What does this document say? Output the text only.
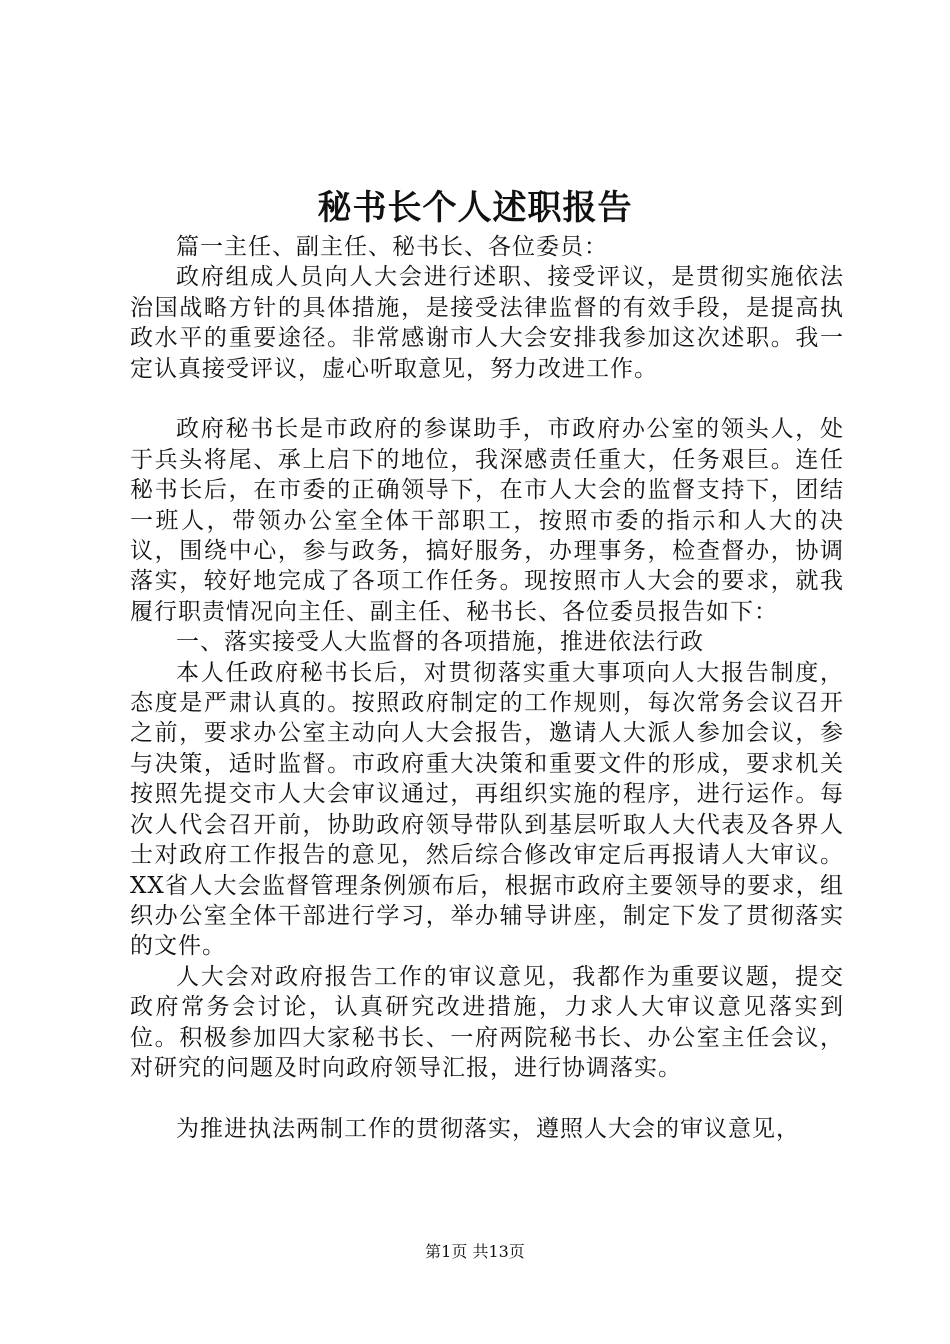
秘书长个人述职报告

篇一主任、副主任、秘书长、各位委员：

政府组成人员向人大会进行述职、接受评议，是贯彻实施依法治国战略方针的具体措施，是接受法律监督的有效手段，是提高执政水平的重要途径。非常感谢市人大会安排我参加这次述职。我一定认真接受评议，虚心听取意见，努力改进工作。

政府秘书长是市政府的参谋助手，市政府办公室的领头人，处于兵头将尾、承上启下的地位，我深感责任重大，任务艰巨。连任秘书长后，在市委的正确领导下，在市人大会的监督支持下，团结一班人，带领办公室全体干部职工，按照市委的指示和人大的决议，围绕中心，参与政务，搞好服务，办理事务，检查督办，协调落实，较好地完成了各项工作任务。现按照市人大会的要求，就我履行职责情况向主任、副主任、秘书长、各位委员报告如下：

一、落实接受人大监督的各项措施，推进依法行政

本人任政府秘书长后，对贯彻落实重大事项向人大报告制度，态度是严肃认真的。按照政府制定的工作规则，每次常务会议召开之前，要求办公室主动向人大会报告，邀请人大派人参加会议，参与决策，适时监督。市政府重大决策和重要文件的形成，要求机关按照先提交市人大会审议通过，再组织实施的程序，进行运作。每次人代会召开前，协助政府领导带队到基层听取人大代表及各界人士对政府工作报告的意见，然后综合修改审定后再报请人大审议。XX省人大会监督管理条例颁布后，根据市政府主要领导的要求，组织办公室全体干部进行学习，举办辅导讲座，制定下发了贯彻落实的文件。

人大会对政府报告工作的审议意见，我都作为重要议题，提交政府常务会讨论，认真研究改进措施，力求人大审议意见落实到位。积极参加四大家秘书长、一府两院秘书长、办公室主任会议，对研究的问题及时向政府领导汇报，进行协调落实。

为推进执法两制工作的贯彻落实，遵照人大会的审议意见，

第1页 共13页
